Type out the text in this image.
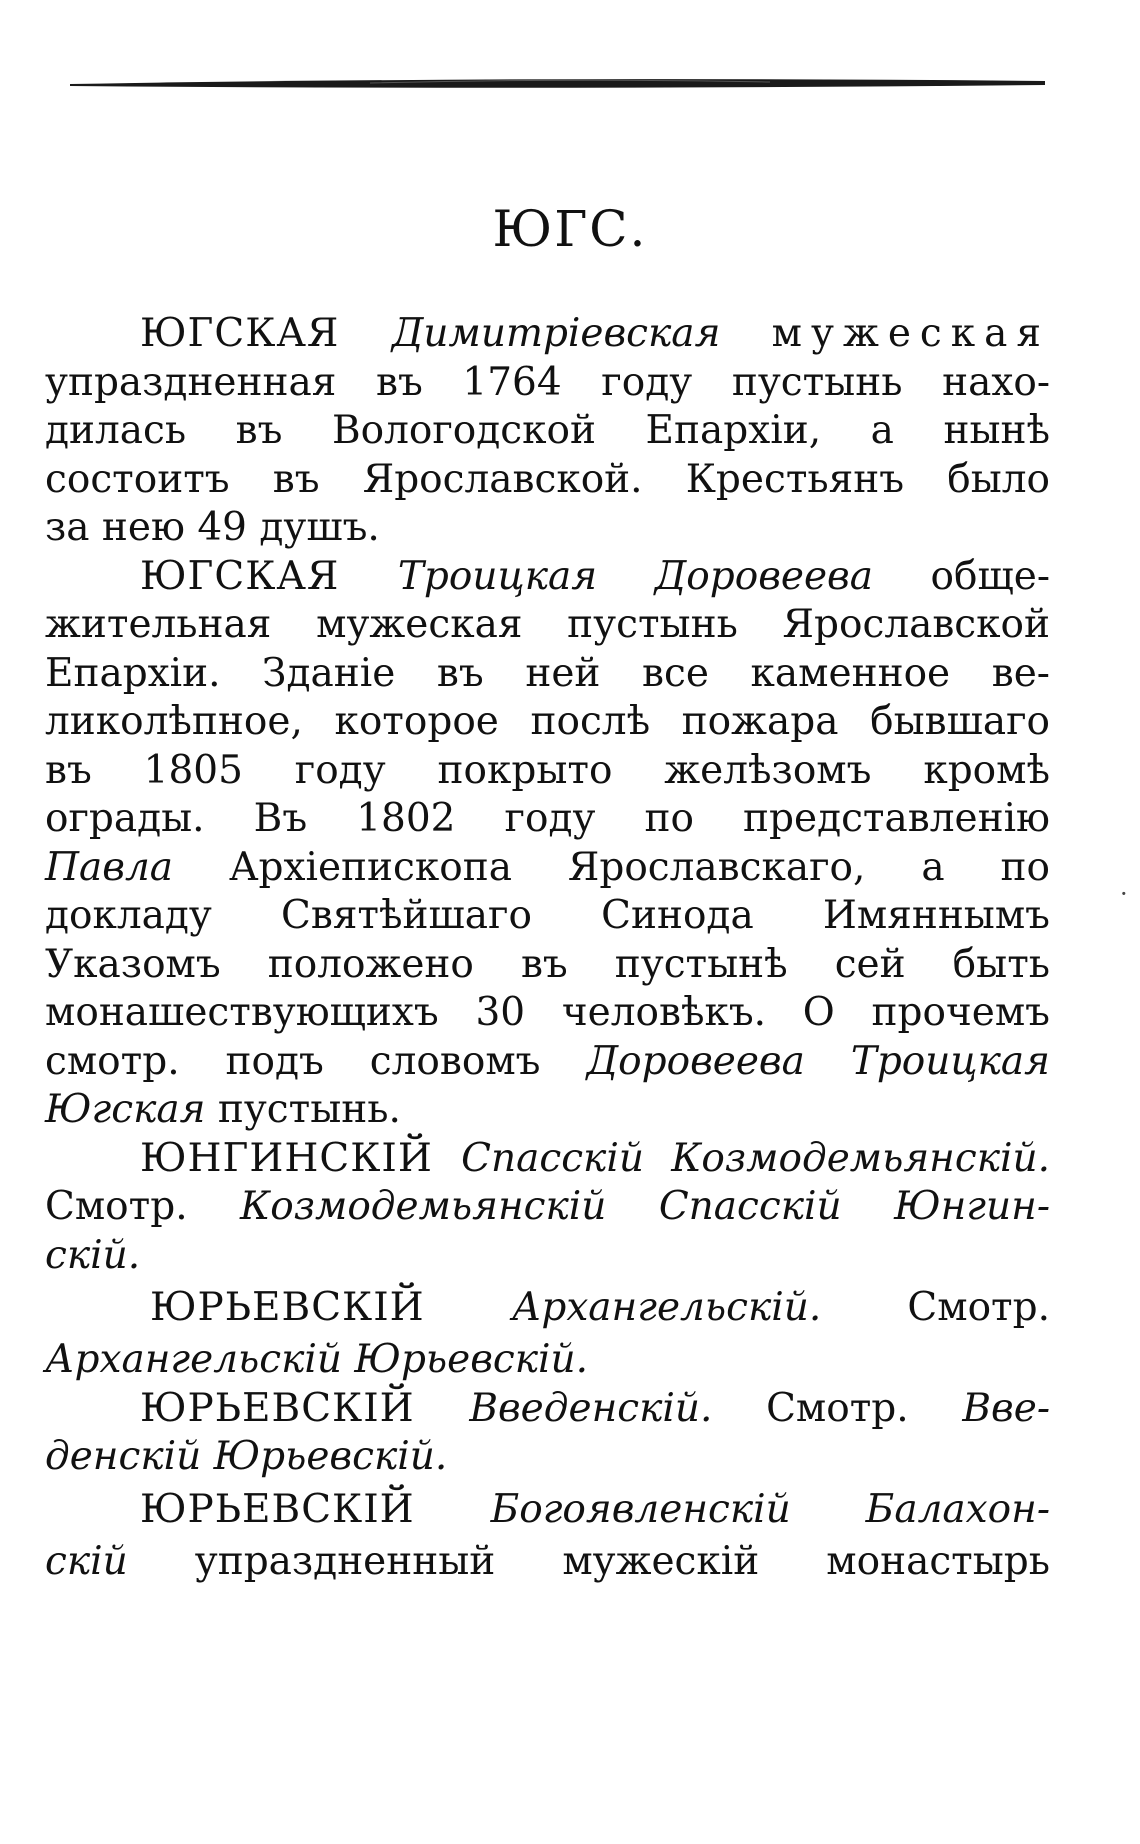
ЮГС.
ЮГСКАЯ Димитріевская мужеская
упраздненная въ 1764 году пустынь нахо-
дилась въ Вологодской Епархіи, а нынѣ
состоитъ въ Ярославской. Крестьянъ было
за нею 49 душъ.
ЮГСКАЯ Троицкая Доровеева обще-
жительная мужеская пустынь Ярославской
Епархіи. Зданіе въ ней все каменное ве-
ликолѣпное, которое послѣ пожара бывшаго
въ 1805 году покрыто желѣзомъ кромѣ
ограды. Въ 1802 году по представленію
Павла Архіепископа Ярославскаго, а по
докладу Святѣйшаго Синода Имяннымъ
Указомъ положено въ пустынѣ сей быть
монашествующихъ 30 человѣкъ. О прочемъ
смотр. подъ словомъ Доровеева Троицкая
Югская пустынь.
ЮНГИНСКІЙ Спасскій Козмодемьянскій.
Смотр. Козмодемьянскій Спасскій Юнгин-
скій.
ЮРЬЕВСКІЙ Архангельскій. Смотр.
Архангельскій Юрьевскій.
ЮРЬЕВСКІЙ Введенскій. Смотр. Вве-
денскій Юрьевскій.
ЮРЬЕВСКІЙ Богоявленскій Балахон-
скій упраздненный мужескій монастырь
·
